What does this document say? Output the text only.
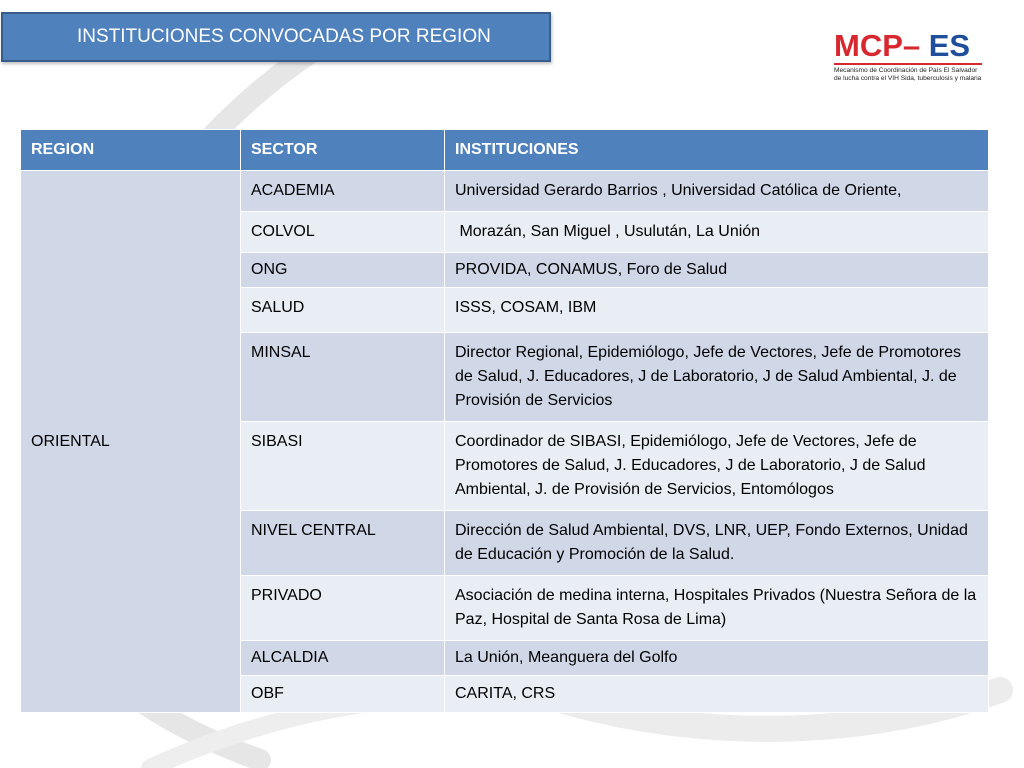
INSTITUCIONES CONVOCADAS POR REGION	MCP– ES
Mecanismo de Coordinación de País El Salvador
de lucha contra el VIH Sida, tuberculosis y malaria
REGION	SECTOR	INSTITUCIONES
ORIENTAL	ACADEMIA	Universidad Gerardo Barrios , Universidad Católica de Oriente,
	COLVOL	Morazán, San Miguel , Usulután, La Unión
	ONG	PROVIDA, CONAMUS, Foro de Salud
	SALUD	ISSS, COSAM, IBM
	MINSAL	Director Regional, Epidemiólogo, Jefe de Vectores, Jefe de Promotores de Salud, J. Educadores, J de Laboratorio, J de Salud Ambiental, J. de Provisión de Servicios
	SIBASI	Coordinador de SIBASI, Epidemiólogo, Jefe de Vectores, Jefe de Promotores de Salud, J. Educadores, J de Laboratorio, J de Salud Ambiental, J. de Provisión de Servicios, Entomólogos
	NIVEL CENTRAL	Dirección de Salud Ambiental, DVS, LNR, UEP, Fondo Externos, Unidad de Educación y Promoción de la Salud.
	PRIVADO	Asociación de medina interna, Hospitales Privados (Nuestra Señora de la Paz, Hospital de Santa Rosa de Lima)
	ALCALDIA	La Unión, Meanguera del Golfo
	OBF	CARITA, CRS
